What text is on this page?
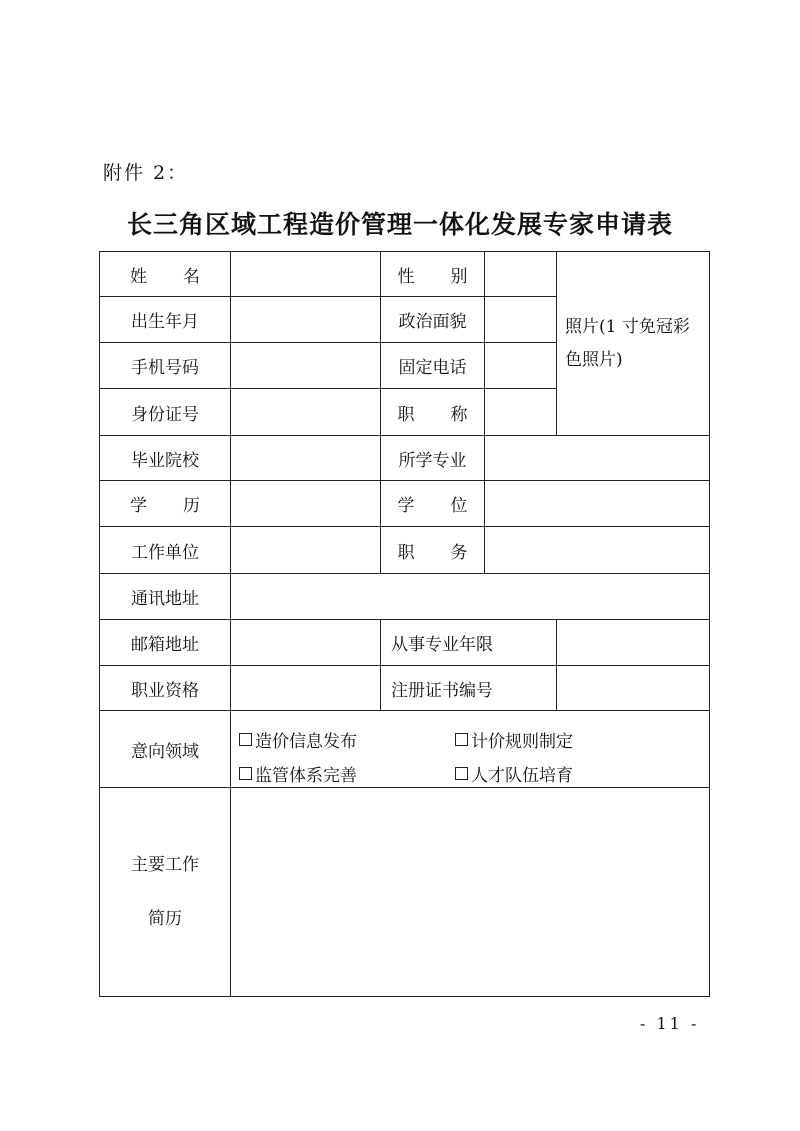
附件 2：
长三角区域工程造价管理一体化发展专家申请表
姓 名		性 别		照片(1 寸免冠彩
色照片)

出生年月		政治面貌		
手机号码		固定电话		
身份证号		职 称		
毕业院校		所学专业		
学 历		学 位		
工作单位		职 务		
通讯地址				
邮箱地址		从事专业年限		
职业资格		注册证书编号		
意向领域	造价信息发布 计价规则制定
监管体系完善 人才队伍培育			

主要工作
简历				

- 11 -
